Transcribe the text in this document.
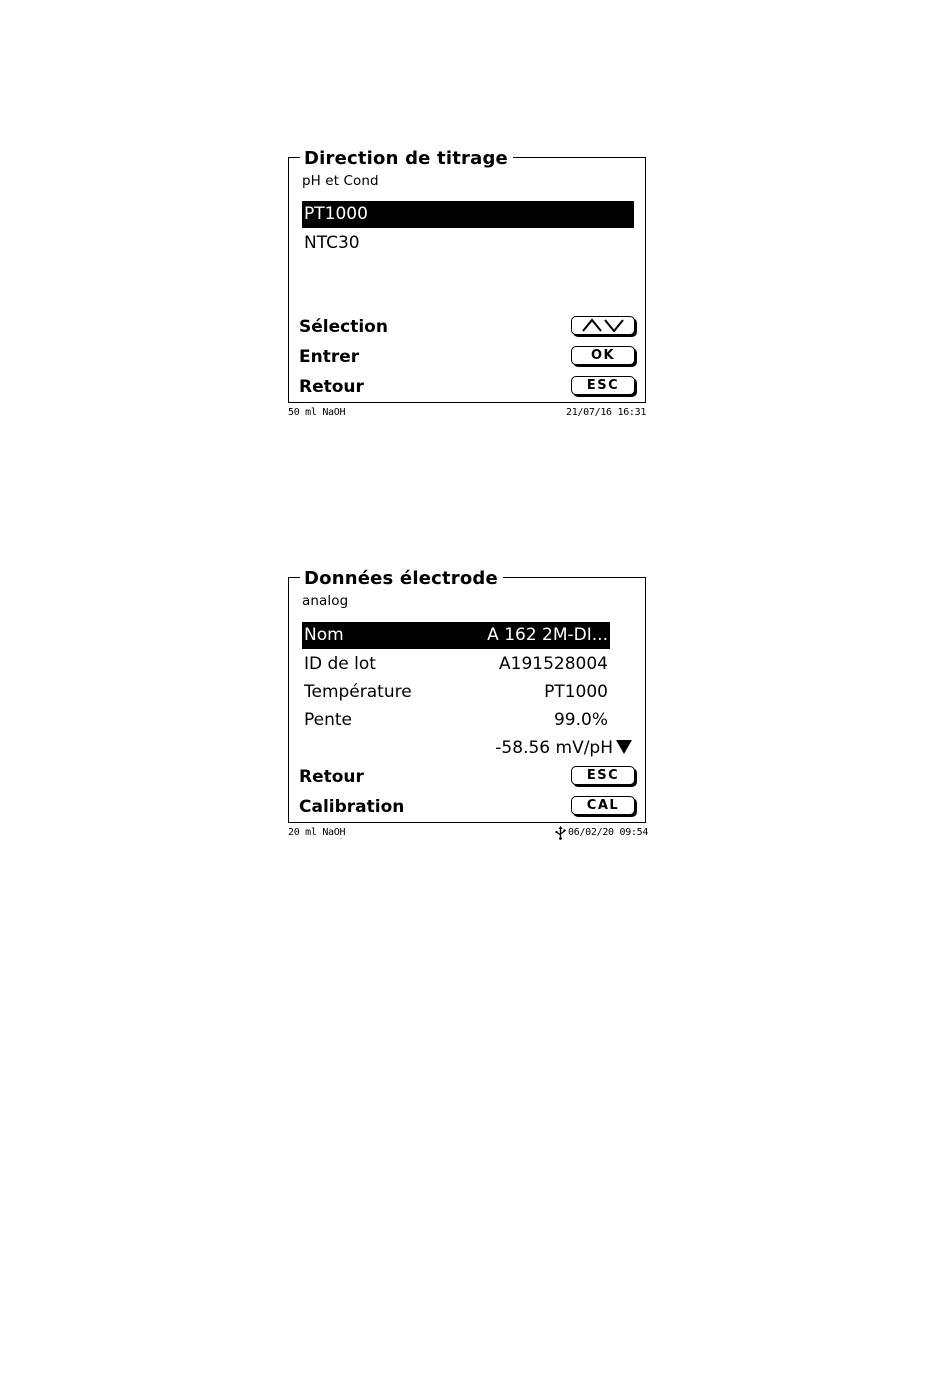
Direction de titrage
pH et Cond
PT1000
NTC30
Sélection
Entrer	OK
Retour	ESC
50 ml NaOH	21/07/16 16:31
Données électrode
analog
Nom	A 162 2M-DI...
ID de lot	A191528004
Température	PT1000
Pente	99.0%
-58.56 mV/pH
Retour	ESC
Calibration	CAL
20 ml NaOH	06/02/20 09:54
